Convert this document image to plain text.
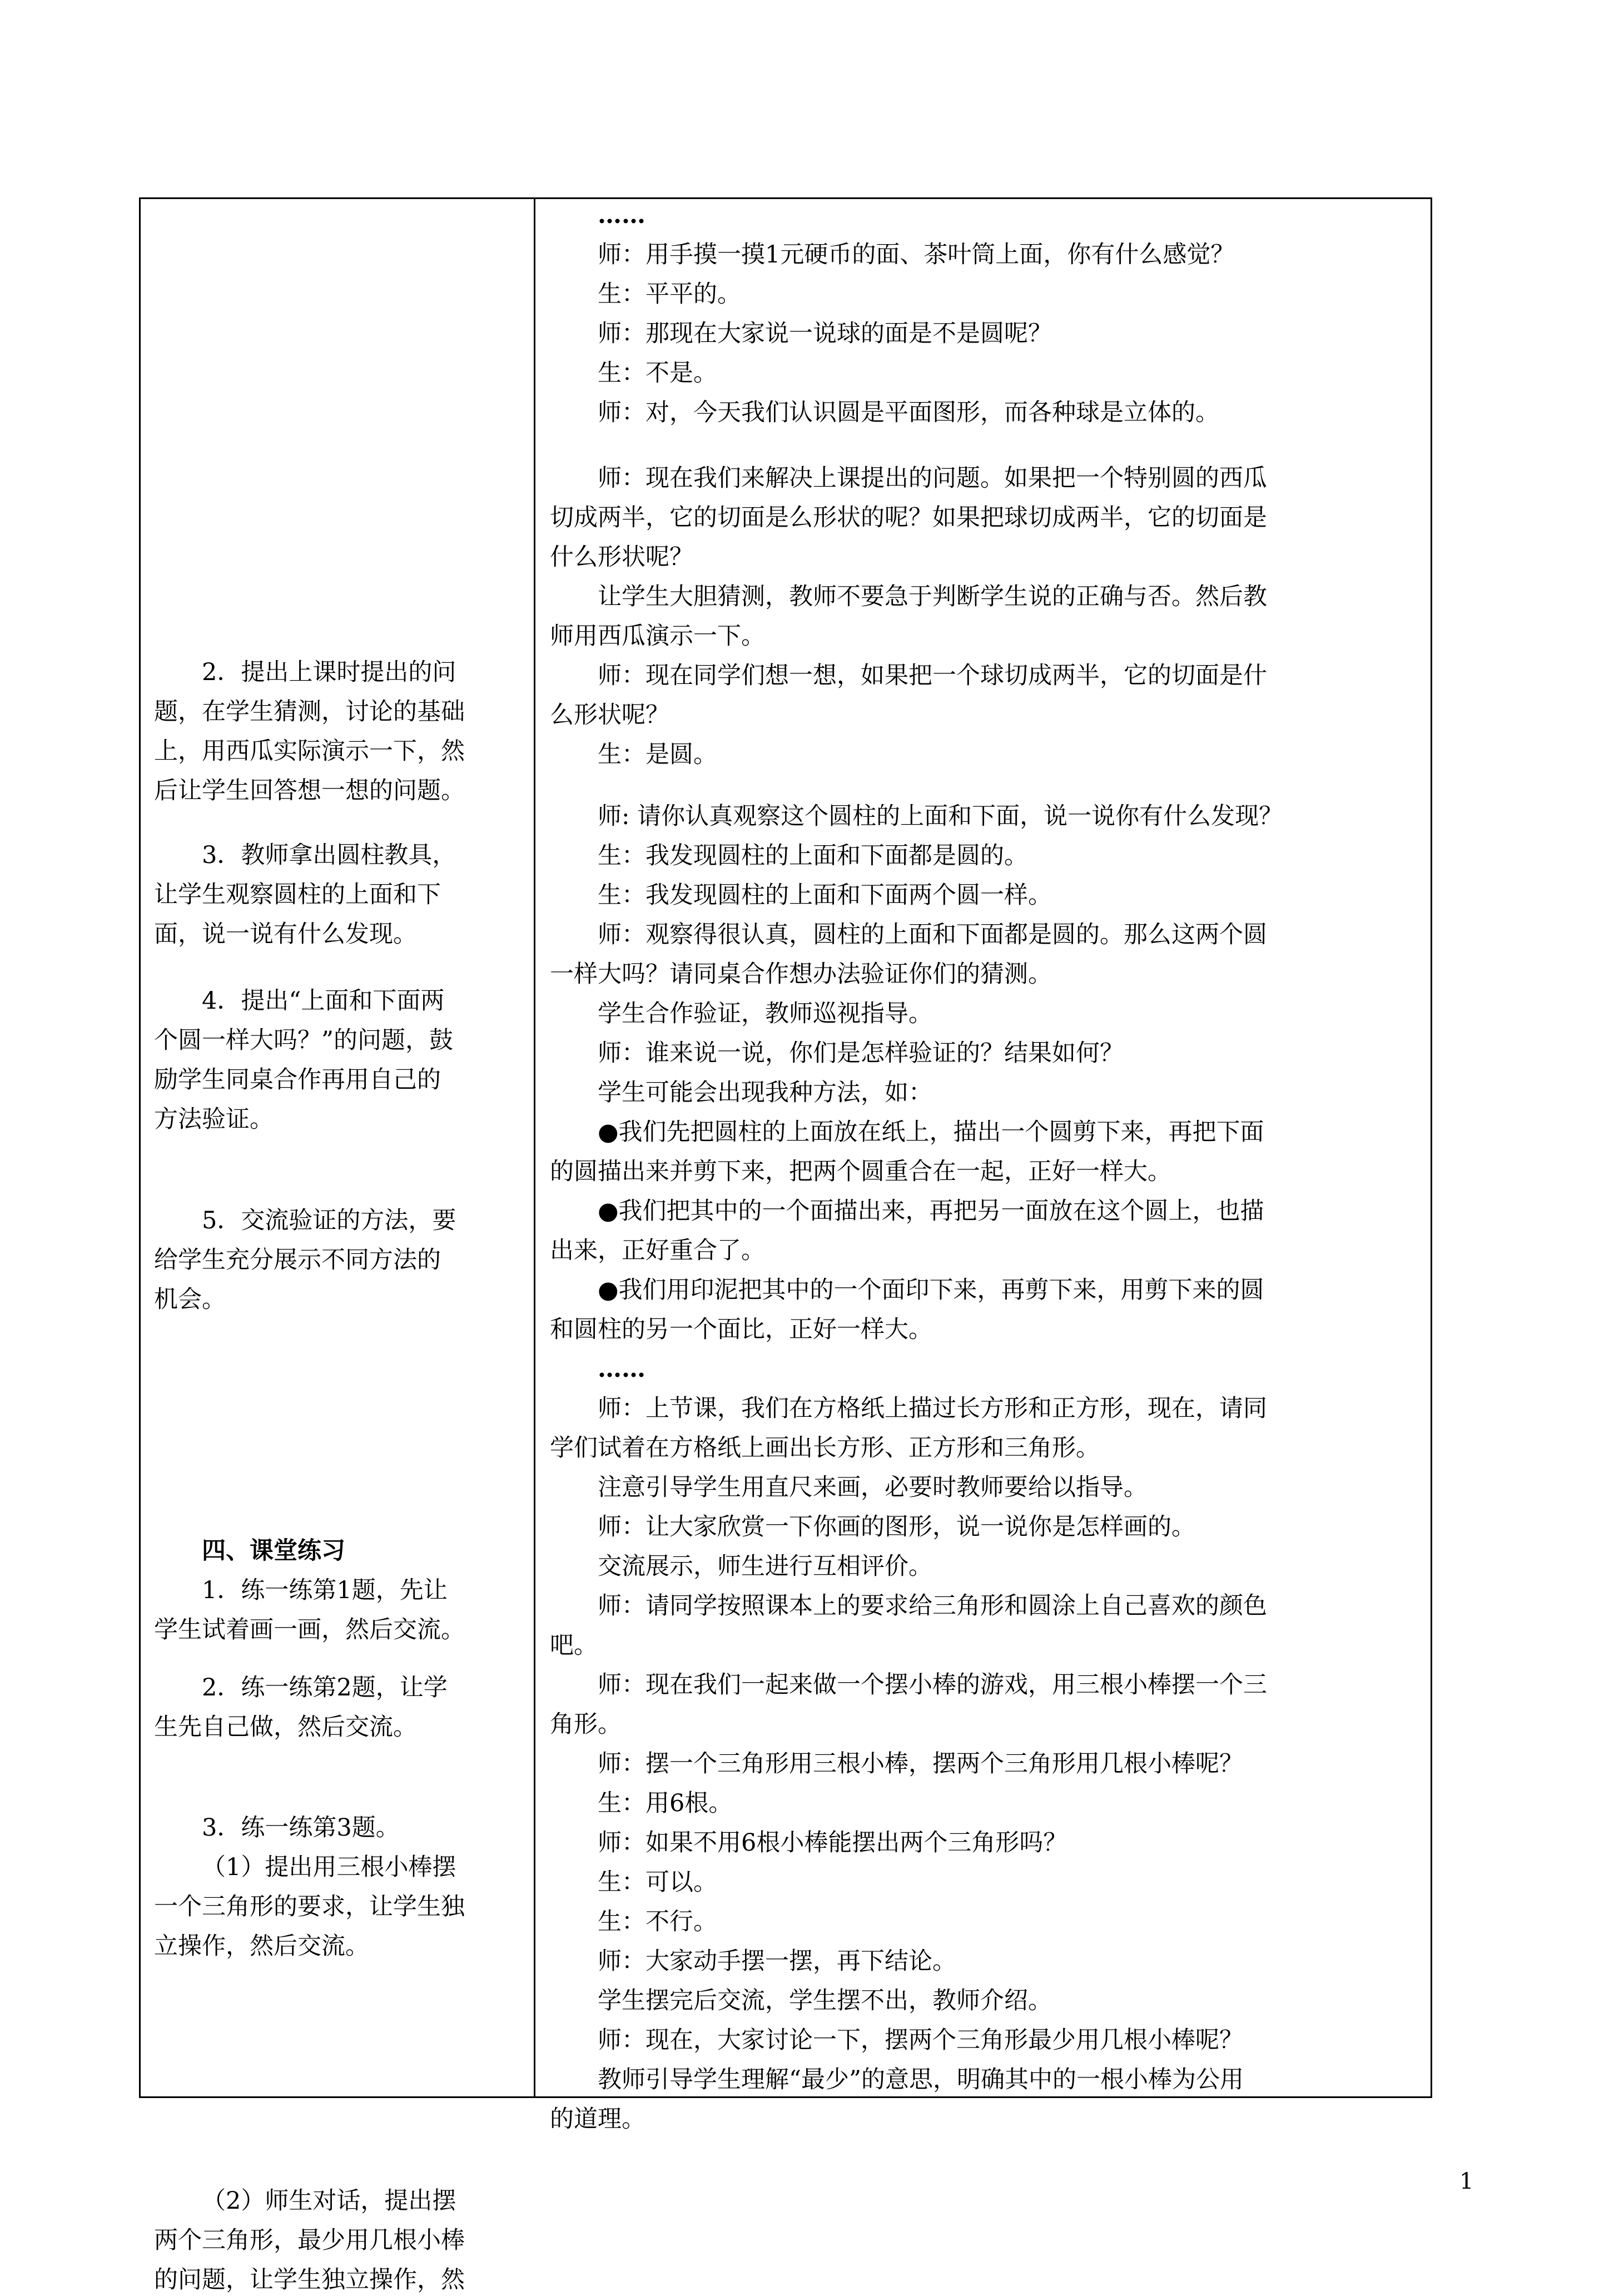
2．提出上课时提出的问
题，在学生猜测，讨论的基础
上，用西瓜实际演示一下，然
后让学生回答想一想的问题。
3．教师拿出圆柱教具，
让学生观察圆柱的上面和下
面，说一说有什么发现。
4．提出“上面和下面两
个圆一样大吗？”的问题，鼓
励学生同桌合作再用自己的
方法验证。
5．交流验证的方法，要
给学生充分展示不同方法的
机会。
四、课堂练习
1．练一练第1题，先让
学生试着画一画，然后交流。
2．练一练第2题，让学
生先自己做，然后交流。
3．练一练第3题。
（1）提出用三根小棒摆
一个三角形的要求，让学生独
立操作，然后交流。
（2）师生对话，提出摆
两个三角形，最少用几根小棒
的问题，让学生独立操作，然
……
师：用手摸一摸1元硬币的面、茶叶筒上面，你有什么感觉？
生：平平的。
师：那现在大家说一说球的面是不是圆呢？
生：不是。
师：对，今天我们认识圆是平面图形，而各种球是立体的。
师：现在我们来解决上课提出的问题。如果把一个特别圆的西瓜
切成两半，它的切面是么形状的呢？如果把球切成两半，它的切面是
什么形状呢？
让学生大胆猜测，教师不要急于判断学生说的正确与否。然后教
师用西瓜演示一下。
师：现在同学们想一想，如果把一个球切成两半，它的切面是什
么形状呢？
生：是圆。
师: 请你认真观察这个圆柱的上面和下面，说一说你有什么发现？
生：我发现圆柱的上面和下面都是圆的。
生：我发现圆柱的上面和下面两个圆一样。
师：观察得很认真，圆柱的上面和下面都是圆的。那么这两个圆
一样大吗？请同桌合作想办法验证你们的猜测。
学生合作验证，教师巡视指导。
师：谁来说一说，你们是怎样验证的？结果如何？
学生可能会出现我种方法，如：
●我们先把圆柱的上面放在纸上，描出一个圆剪下来，再把下面
的圆描出来并剪下来，把两个圆重合在一起，正好一样大。
●我们把其中的一个面描出来，再把另一面放在这个圆上，也描
出来，正好重合了。
●我们用印泥把其中的一个面印下来，再剪下来，用剪下来的圆
和圆柱的另一个面比，正好一样大。
……
师：上节课，我们在方格纸上描过长方形和正方形，现在，请同
学们试着在方格纸上画出长方形、正方形和三角形。
注意引导学生用直尺来画，必要时教师要给以指导。
师：让大家欣赏一下你画的图形，说一说你是怎样画的。
交流展示，师生进行互相评价。
师：请同学按照课本上的要求给三角形和圆涂上自己喜欢的颜色
吧。
师：现在我们一起来做一个摆小棒的游戏，用三根小棒摆一个三
角形。
师：摆一个三角形用三根小棒，摆两个三角形用几根小棒呢？
生：用6根。
师：如果不用6根小棒能摆出两个三角形吗？
生：可以。
生：不行。
师：大家动手摆一摆，再下结论。
学生摆完后交流，学生摆不出，教师介绍。
师：现在，大家讨论一下，摆两个三角形最少用几根小棒呢？
教师引导学生理解“最少”的意思，明确其中的一根小棒为公用
的道理。
1
